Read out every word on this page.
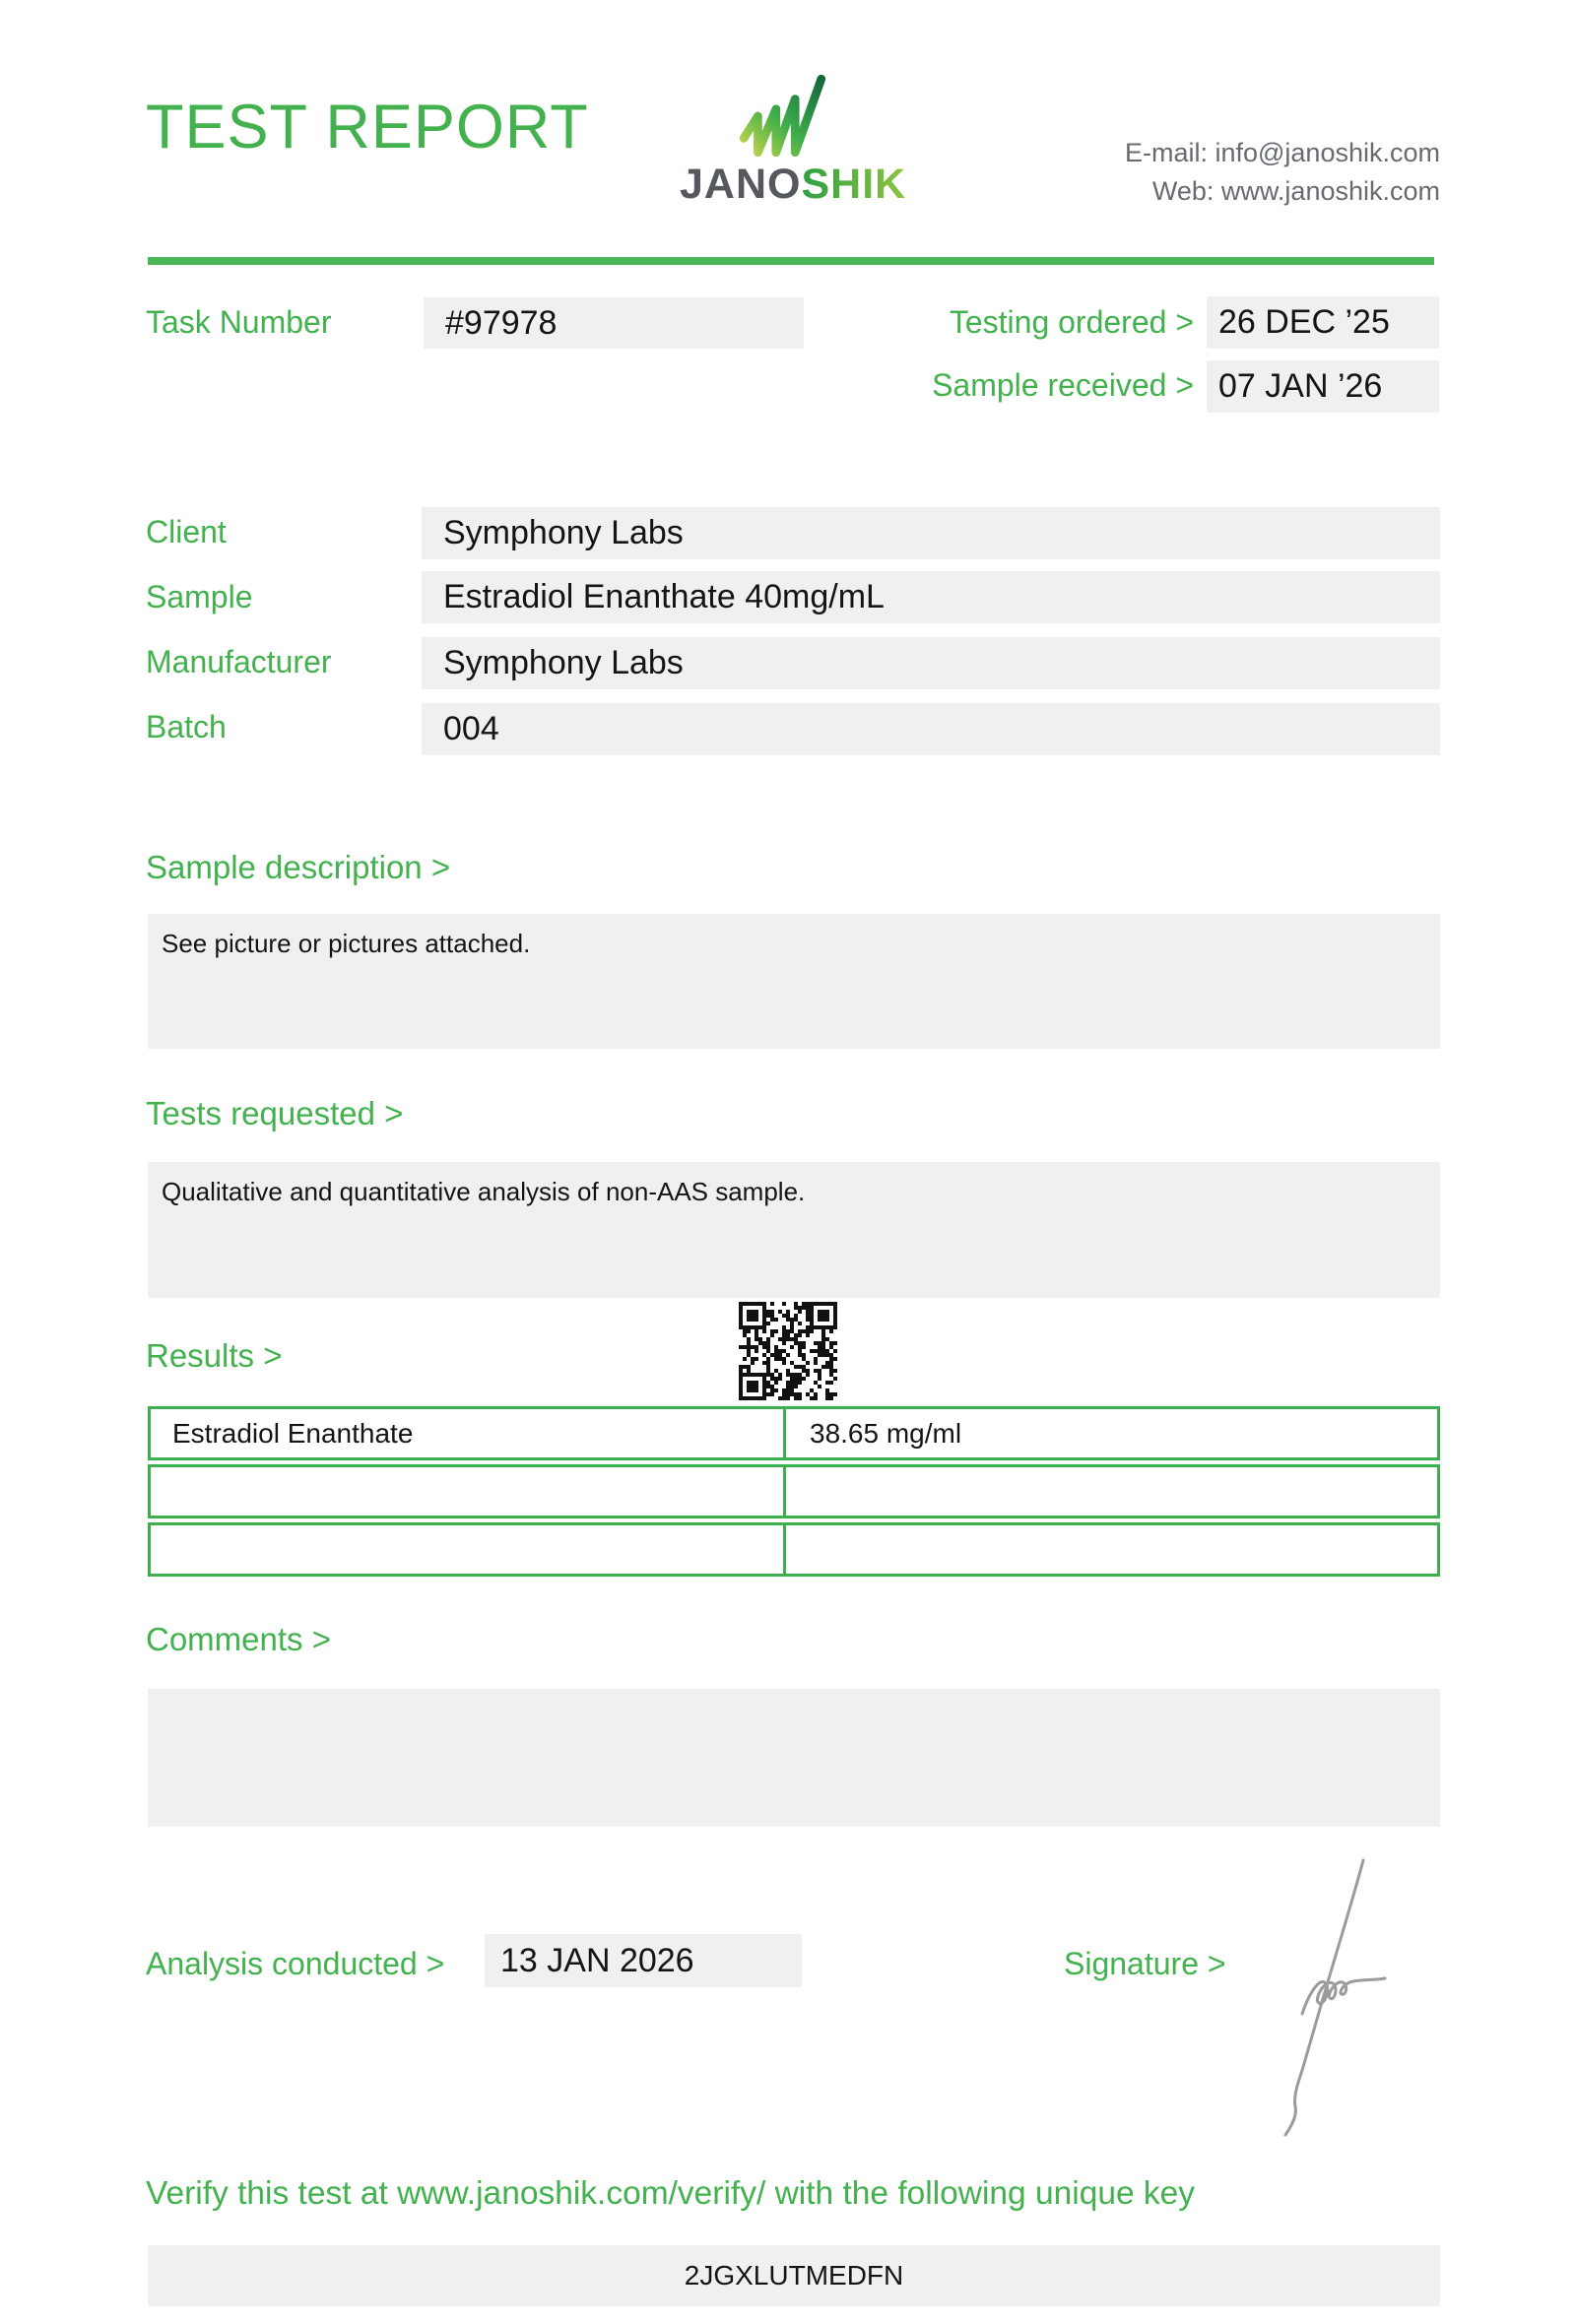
TEST REPORT
JANOSHIK
E-mail: info@janoshik.com
Web: www.janoshik.com
Task Number	#97978	Testing ordered > 26 DEC ’25
Sample received > 07 JAN ’26
Client	Symphony Labs
Sample	Estradiol Enanthate 40mg/mL
Manufacturer	Symphony Labs
Batch	004
Sample description >
See picture or pictures attached.
Tests requested >
Qualitative and quantitative analysis of non-AAS sample.
Results >
Estradiol Enanthate	38.65 mg/ml
Comments >
Analysis conducted >	13 JAN 2026	Signature >
Verify this test at www.janoshik.com/verify/ with the following unique key
2JGXLUTMEDFN
